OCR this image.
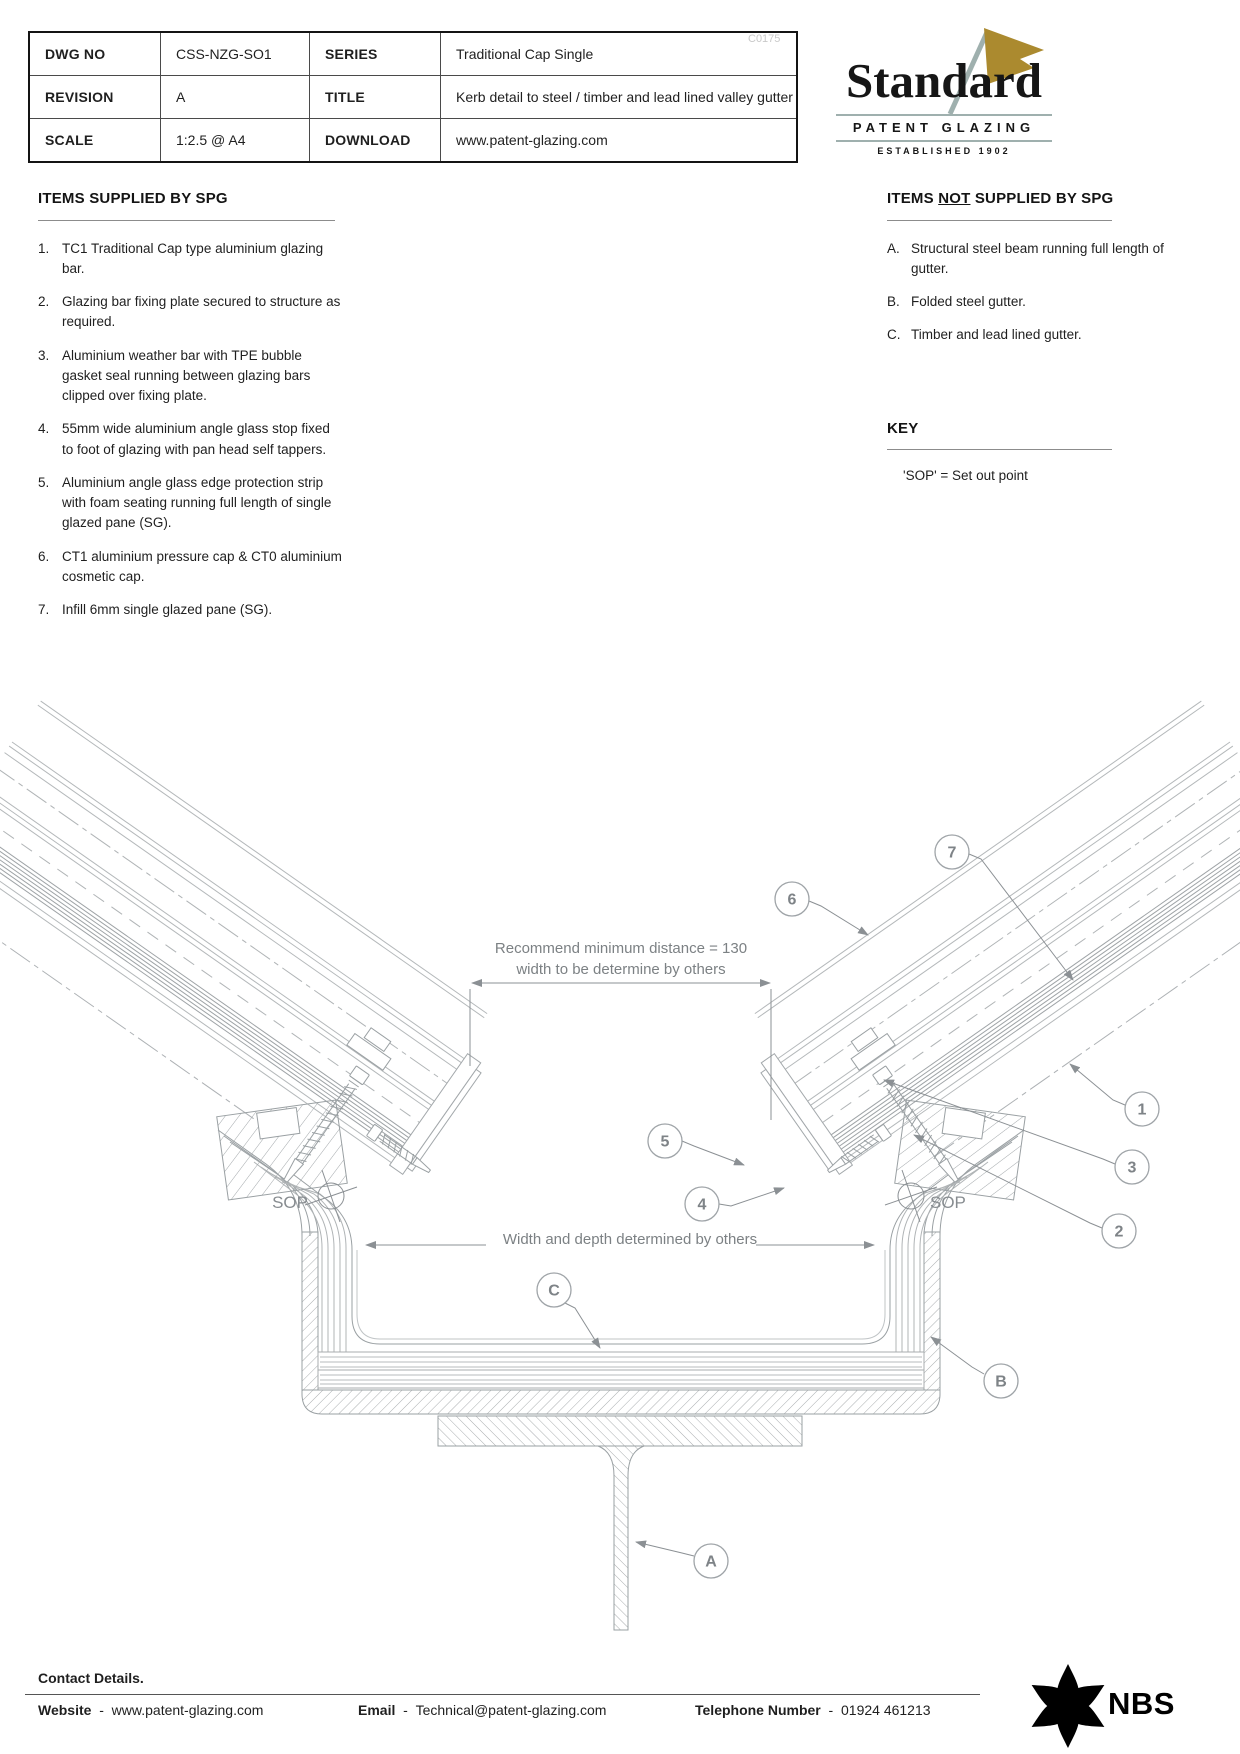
SOP	SOP
Recommend minimum distance = 130
width to be determine by others
Width and depth determined by others
7
6
1
3
2
5
4
C
B
A
DWG NO	CSS-NZG-SO1	SERIES	Traditional Cap Single
REVISION	A	TITLE	Kerb detail to steel / timber and lead lined valley gutter
SCALE	1:2.5 @ A4	DOWNLOAD	www.patent-glazing.com
C0175
Standard
PATENT GLAZING
ESTABLISHED 1902
ITEMS SUPPLIED BY SPG
1. TC1 Traditional Cap type aluminium glazing bar.
2. Glazing bar fixing plate secured to structure as required.
3. Aluminium weather bar with TPE bubble gasket seal running between glazing bars clipped over fixing plate.
4. 55mm wide aluminium angle glass stop fixed to foot of glazing with pan head self tappers.
5. Aluminium angle glass edge protection strip with foam seating running full length of single glazed pane (SG).
6. CT1 aluminium pressure cap & CT0 aluminium cosmetic cap.
7. Infill 6mm single glazed pane (SG).
ITEMS NOT SUPPLIED BY SPG
A. Structural steel beam running full length of gutter.
B. Folded steel gutter.
C. Timber and lead lined gutter.
KEY
'SOP' = Set out point
Contact Details.
Website - www.patent-glazing.com	Email - Technical@patent-glazing.com	Telephone Number - 01924 461213	NBS
